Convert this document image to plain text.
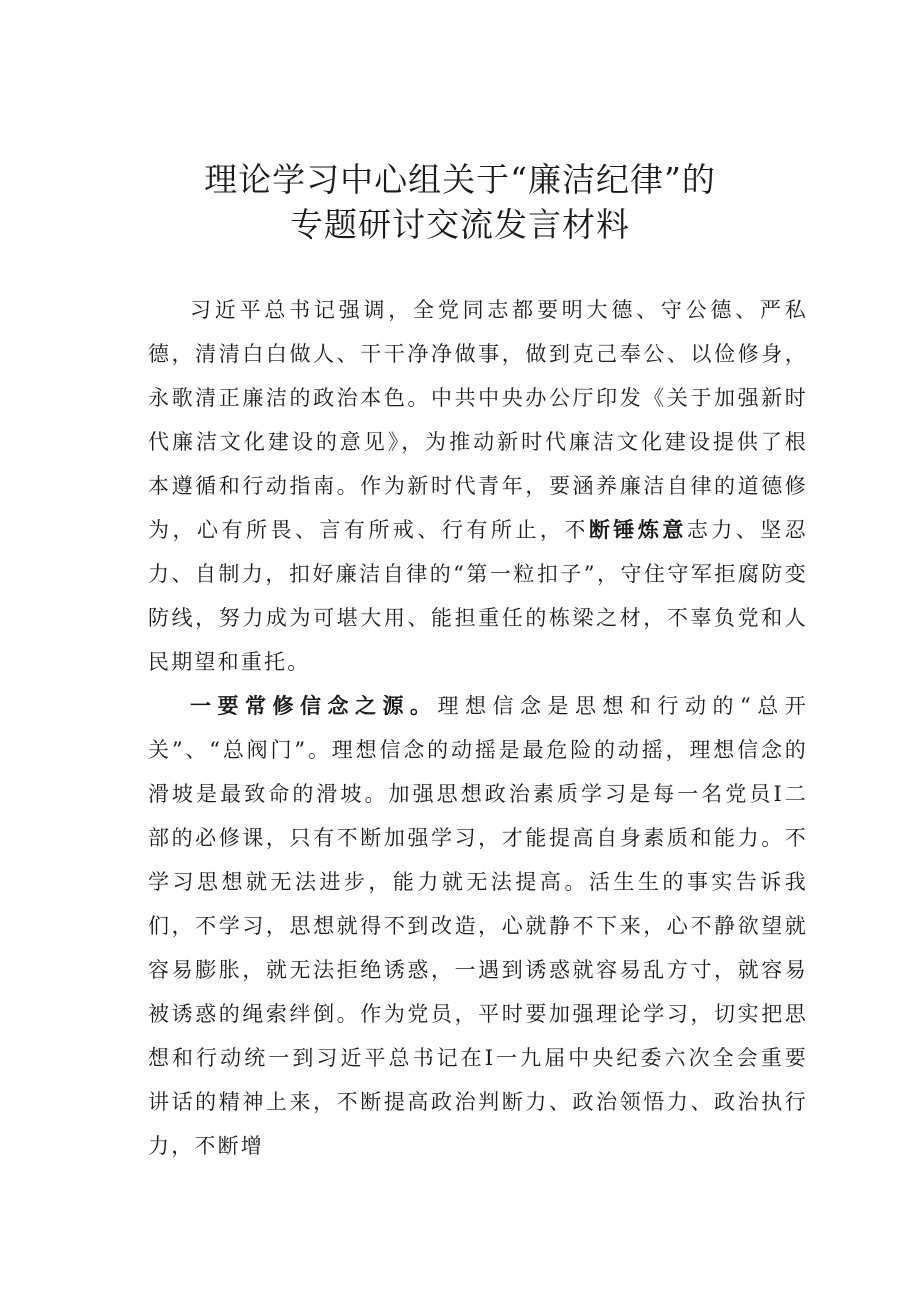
理论学习中心组关于“廉洁纪律”的
专题研讨交流发言材料

习近平总书记强调，全党同志都要明大德、守公德、严私德，清清白白做人、干干净净做事，做到克己奉公、以俭修身，永歌清正廉洁的政治本色。中共中央办公厅印发《关于加强新时代廉洁文化建设的意见》，为推动新时代廉洁文化建设提供了根本遵循和行动指南。作为新时代青年，要涵养廉洁自律的道德修为，心有所畏、言有所戒、行有所止，不断锤炼意志力、坚忍力、自制力，扣好廉洁自律的“第一粒扣子”，守住守军拒腐防变防线，努力成为可堪大用、能担重任的栋梁之材，不辜负党和人民期望和重托。

一要常修信念之源。理想信念是思想和行动的“总开关”、“总阀门”。理想信念的动摇是最危险的动摇，理想信念的滑坡是最致命的滑坡。加强思想政治素质学习是每一名党员Ⅰ二部的必修课，只有不断加强学习，才能提高自身素质和能力。不学习思想就无法进步，能力就无法提高。活生生的事实告诉我们，不学习，思想就得不到改造，心就静不下来，心不静欲望就容易膨胀，就无法拒绝诱惑，一遇到诱惑就容易乱方寸，就容易被诱惑的绳索绊倒。作为党员，平时要加强理论学习，切实把思想和行动统一到习近平总书记在Ⅰ一九届中央纪委六次全会重要讲话的精神上来，不断提高政治判断力、政治领悟力、政治执行力，不断增
